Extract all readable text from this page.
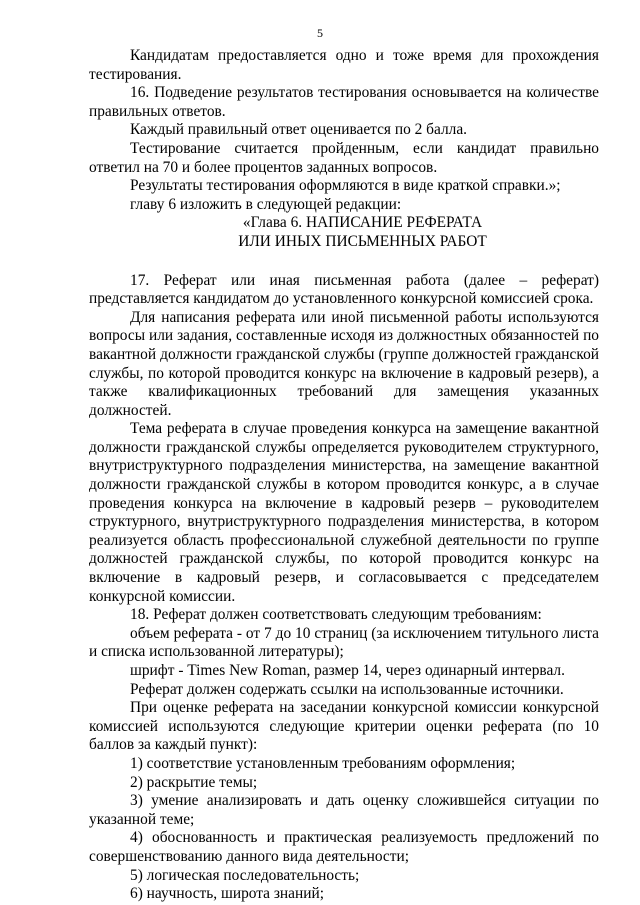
5

Кандидатам предоставляется одно и тоже время для прохождения тестирования.

16. Подведение результатов тестирования основывается на количестве правильных ответов.

Каждый правильный ответ оценивается по 2 балла.

Тестирование считается пройденным, если кандидат правильно ответил на 70 и более процентов заданных вопросов.

Результаты тестирования оформляются в виде краткой справки.»;

главу 6 изложить в следующей редакции:

«Глава 6. НАПИСАНИЕ РЕФЕРАТА

ИЛИ ИНЫХ ПИСЬМЕННЫХ РАБОТ

17. Реферат или иная письменная работа (далее – реферат) представляется кандидатом до установленного конкурсной комиссией срока.

Для написания реферата или иной письменной работы используются вопросы или задания, составленные исходя из должностных обязанностей по вакантной должности гражданской службы (группе должностей гражданской службы, по которой проводится конкурс на включение в кадровый резерв), а также квалификационных требований для замещения указанных должностей.

Тема реферата в случае проведения конкурса на замещение вакантной должности гражданской службы определяется руководителем структурного, внутриструктурного подразделения министерства, на замещение вакантной должности гражданской службы в котором проводится конкурс, а в случае проведения конкурса на включение в кадровый резерв – руководителем структурного, внутриструктурного подразделения министерства, в котором реализуется область профессиональной служебной деятельности по группе должностей гражданской службы, по которой проводится конкурс на включение в кадровый резерв, и согласовывается с председателем конкурсной комиссии.

18. Реферат должен соответствовать следующим требованиям:

объем реферата - от 7 до 10 страниц (за исключением титульного листа и списка использованной литературы);

шрифт - Times New Roman, размер 14, через одинарный интервал.

Реферат должен содержать ссылки на использованные источники.

При оценке реферата на заседании конкурсной комиссии конкурсной комиссией используются следующие критерии оценки реферата (по 10 баллов за каждый пункт):

1) соответствие установленным требованиям оформления;

2) раскрытие темы;

3) умение анализировать и дать оценку сложившейся ситуации по указанной теме;

4) обоснованность и практическая реализуемость предложений по совершенствованию данного вида деятельности;

5) логическая последовательность;

6) научность, широта знаний;
